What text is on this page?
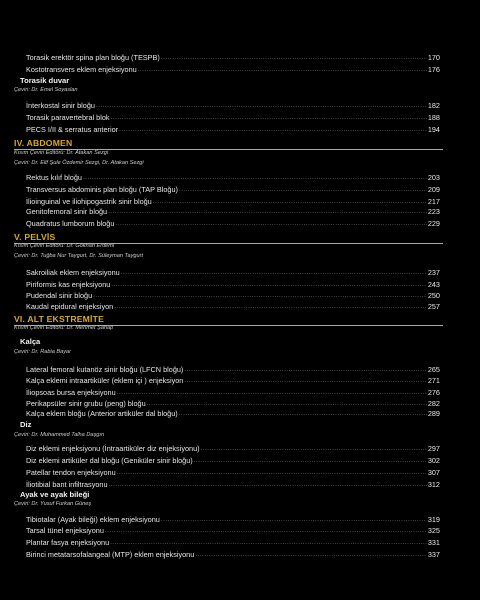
Torasik erektör spina plan bloğu (TESPB) .....	170
Kostotransvers eklem enjeksiyonu .....	176
Torasik duvar
Çeviri: Dr. Emel Soyaslan
İnterkostal sinir bloğu .....	182
Torasik paravertebral blok .....	188
PECS I/II & serratus anterior .....	194
IV. ABDOMEN
Kısım Çeviri Editörü: Dr. Atakan Sezgi
Çeviri: Dr. Elif Şule Özdemir Sezgi, Dr. Atakan Sezgi
Rektus kılıf bloğu .....	203
Transversus abdominis plan bloğu (TAP Bloğu) .....	209
İlioinguinal ve iliohipogastrik sinir bloğu .....	217
Genitofemoral sinir bloğu .....	223
Quadratus lumborum bloğu .....	229
V. PELVİS
Kısım Çeviri Editörü: Dr. Gökhan Erdemi
Çeviri: Dr. Tuğba Nur Taygurt, Dr. Süleyman Taygurt
Sakroiliak eklem enjeksiyonu .....	237
Piriformis kas enjeksiyonu .....	243
Pudendal sinir bloğu .....	250
Kaudal epidural enjeksiyon .....	257
VI. ALT EKSTREMİTE
Kısım Çeviri Editörü: Dr. Mehmet Şahap
Kalça
Çeviri: Dr. Rabia Bayar
Lateral femoral kutanöz sinir bloğu (LFCN bloğu) .....	265
Kalça eklemi intraartiküler (eklem içi ) enjeksiyon .....	271
İliopsoas bursa enjeksiyonu .....	276
Perikapsüler sinir grubu (peng) bloğu .....	282
Kalça eklem bloğu (Anterior artiküler dal bloğu) .....	289
Diz
Çeviri: Dr. Muhammed Talha Daşgın
Diz eklemi enjeksiyonu (İntraartiküler diz enjeksiyonu) .....	297
Diz eklemi artiküler dal bloğu (Geniküler sinir bloğu) .....	302
Patellar tendon enjeksiyonu .....	307
İliotibial bant infiltrasyonu .....	312
Ayak ve ayak bileği
Çeviri: Dr. Yusuf Furkan Güneş
Tibiotalar (Ayak bileği) eklem enjeksiyonu .....	319
Tarsal tünel enjeksiyonu .....	325
Plantar fasya enjeksiyonu .....	331
Birinci metatarsofalangeal (MTP) eklem enjeksiyonu .....	337
